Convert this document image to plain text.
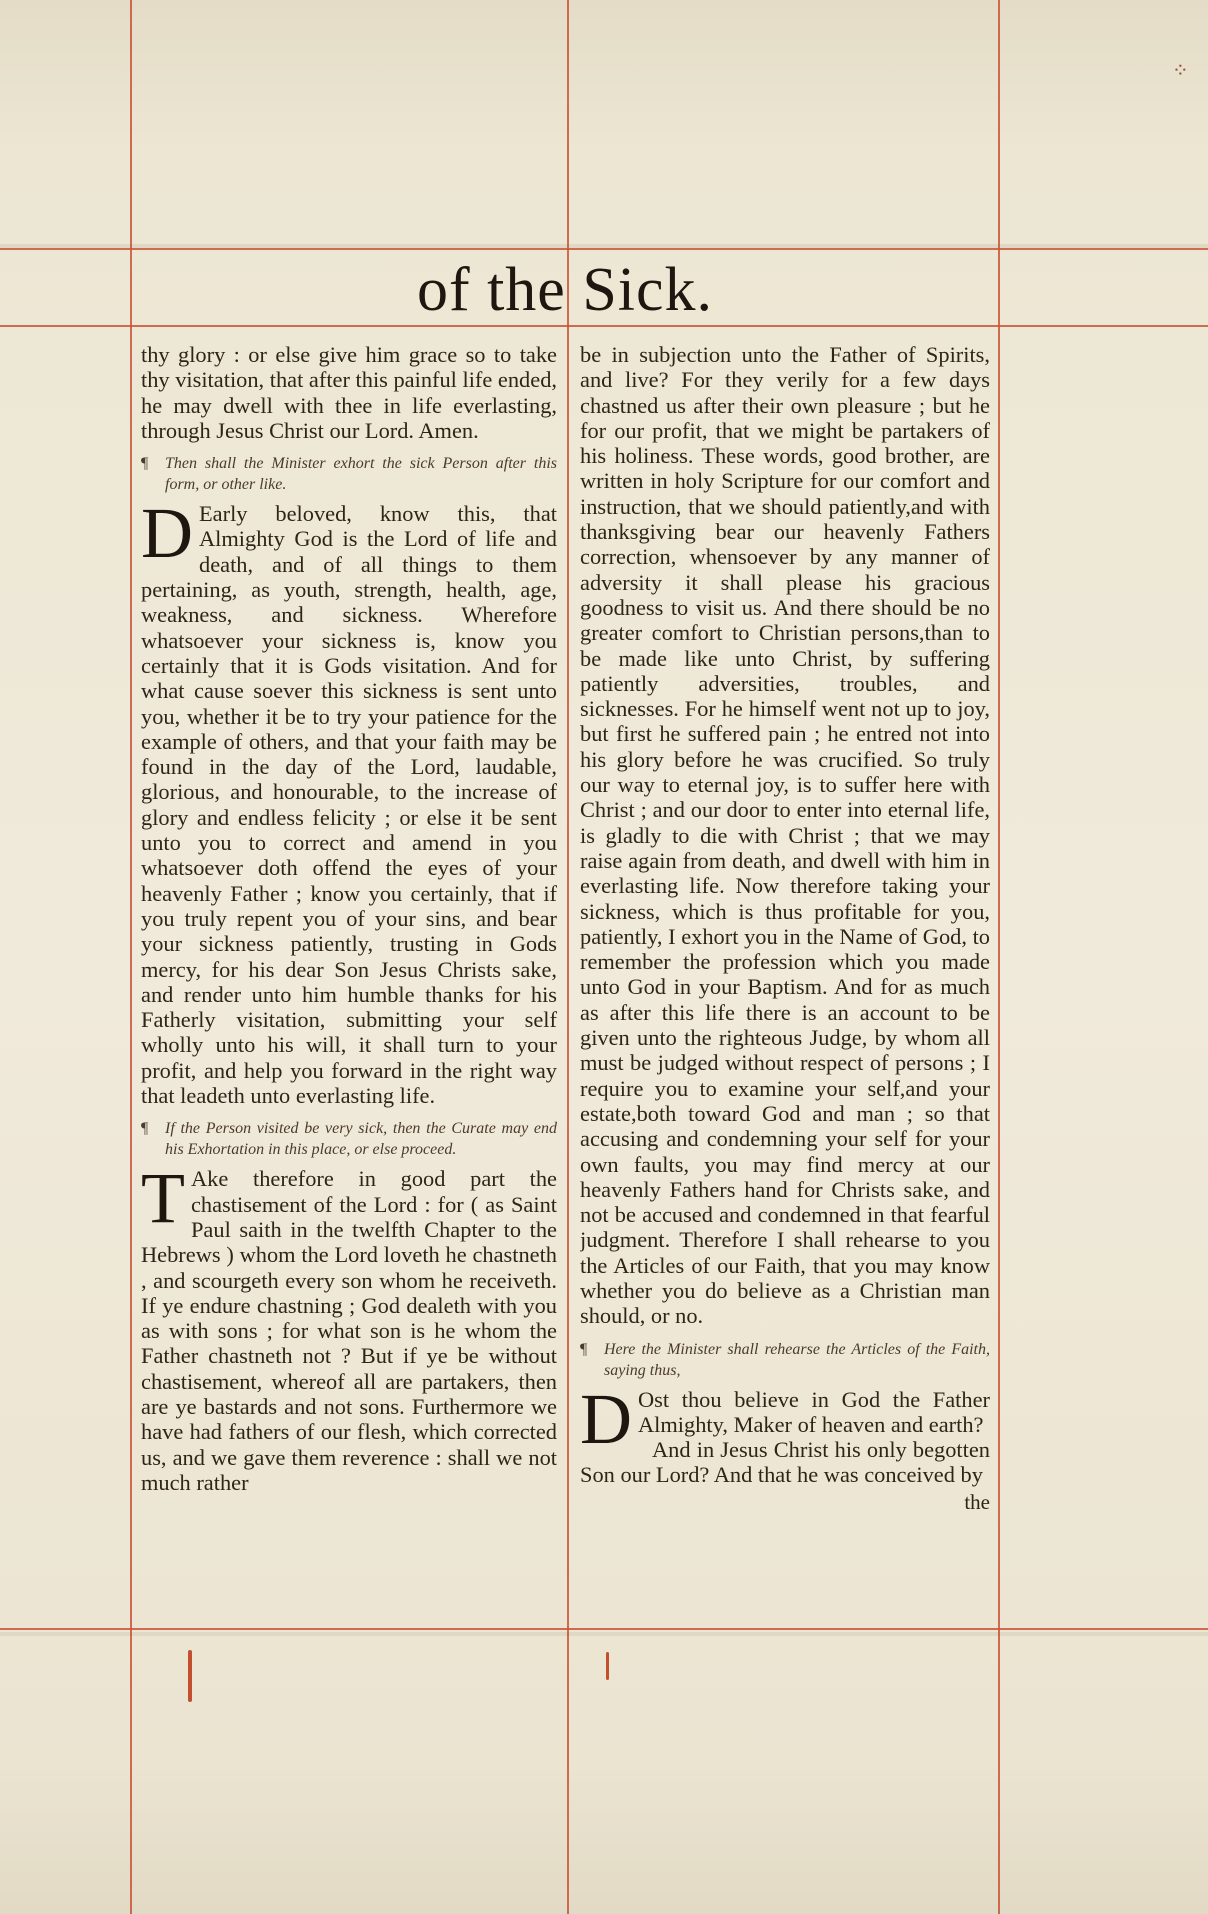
of the Sick.

thy glory : or else give him grace so to take thy visitation, that after this painful life ended, he may dwell with thee in life everlasting, through Jesus Christ our Lord. Amen.

¶ Then shall the Minister exhort the sick Person after this form, or other like.

D Early beloved, know this, that Almighty God is the Lord of life and death, and of all things to them pertaining, as youth, strength, health, age, weakness, and sickness. Wherefore whatsoever your sickness is, know you certainly that it is Gods visitation. And for what cause soever this sickness is sent unto you, whether it be to try your patience for the example of others, and that your faith may be found in the day of the Lord, laudable, glorious, and honourable, to the increase of glory and endless felicity ; or else it be sent unto you to correct and amend in you whatsoever doth offend the eyes of your heavenly Father ; know you certainly, that if you truly repent you of your sins, and bear your sickness patiently, trusting in Gods mercy, for his dear Son Jesus Christs sake, and render unto him humble thanks for his Fatherly visitation, submitting your self wholly unto his will, it shall turn to your profit, and help you forward in the right way that leadeth unto everlasting life.

¶ If the Person visited be very sick, then the Curate may end his Exhortation in this place, or else proceed.

T Ake therefore in good part the chastisement of the Lord : for ( as Saint Paul saith in the twelfth Chapter to the Hebrews ) whom the Lord loveth he chastneth , and scourgeth every son whom he receiveth. If ye endure chastning ; God dealeth with you as with sons ; for what son is he whom the Father chastneth not ? But if ye be without chastisement, whereof all are partakers, then are ye bastards and not sons. Furthermore we have had fathers of our flesh, which corrected us, and we gave them reverence : shall we not much rather

be in subjection unto the Father of Spirits, and live? For they verily for a few days chastned us after their own pleasure ; but he for our profit, that we might be partakers of his holiness. These words, good brother, are written in holy Scripture for our comfort and instruction, that we should patiently,and with thanksgiving bear our heavenly Fathers correction, whensoever by any manner of adversity it shall please his gracious goodness to visit us. And there should be no greater comfort to Christian persons,than to be made like unto Christ, by suffering patiently adversities, troubles, and sicknesses. For he himself went not up to joy, but first he suffered pain ; he entred not into his glory before he was crucified. So truly our way to eternal joy, is to suffer here with Christ ; and our door to enter into eternal life, is gladly to die with Christ ; that we may raise again from death, and dwell with him in everlasting life. Now therefore taking your sickness, which is thus profitable for you, patiently, I exhort you in the Name of God, to remember the profession which you made unto God in your Baptism. And for as much as after this life there is an account to be given unto the righteous Judge, by whom all must be judged without respect of persons ; I require you to examine your self,and your estate,both toward God and man ; so that accusing and condemning your self for your own faults, you may find mercy at our heavenly Fathers hand for Christs sake, and not be accused and condemned in that fearful judgment. Therefore I shall rehearse to you the Articles of our Faith, that you may know whether you do believe as a Christian man should, or no.

¶ Here the Minister shall rehearse the Articles of the Faith, saying thus,

D Ost thou believe in God the Father Almighty, Maker of heaven and earth?

And in Jesus Christ his only begotten Son our Lord? And that he was conceived by

the

⁘
